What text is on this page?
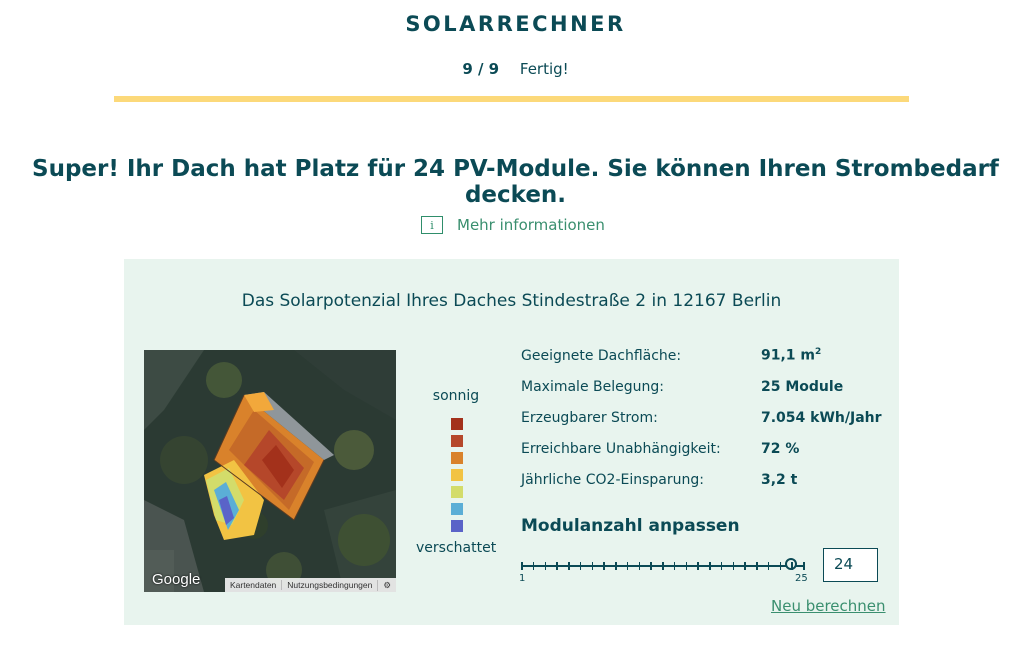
SOLARRECHNER
9 / 9 Fertig!
Super! Ihr Dach hat Platz für 24 PV-Module. Sie können Ihren Strombedarf decken.
i	Mehr informationen
Das Solarpotenzial Ihres Daches Stindestraße 2 in 12167 Berlin
Google	Kartendaten	Nutzungsbedingungen	⚙
sonnig
verschattet
Geeignete Dachfläche:	91,1 $m^2$
Maximale Belegung:	25 Module
Erzeugbarer Strom:	7.054 kWh/Jahr
Erreichbare Unabhängigkeit:	72 %
Jährliche CO2-Einsparung:	3,2 t
Modulanzahl anpassen
1	25
24
Neu berechnen
